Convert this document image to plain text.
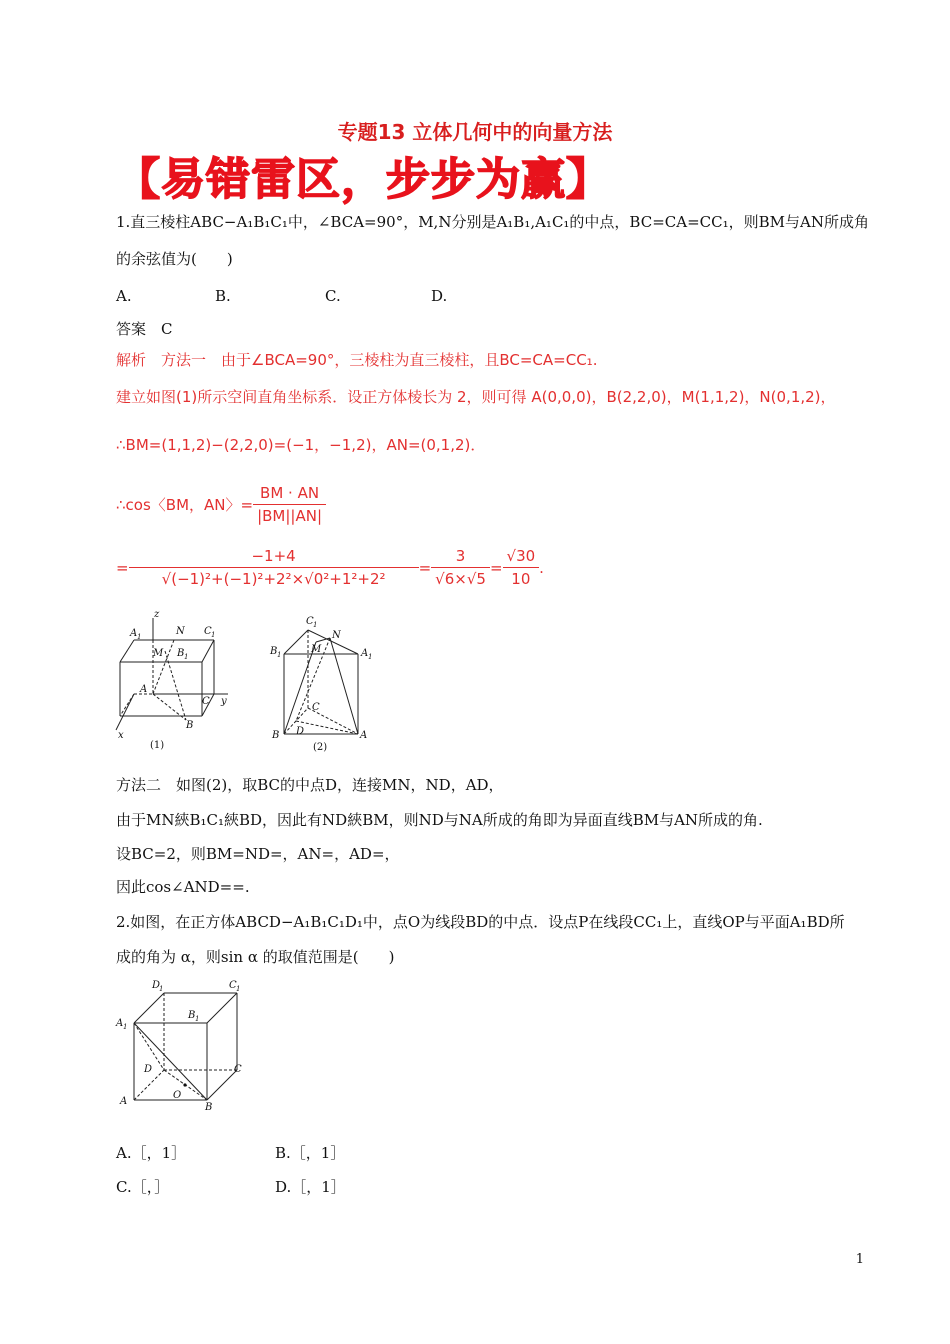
专题13 立体几何中的向量方法
【易错雷区，步步为赢】
1.直三棱柱ABC−A₁B₁C₁中，∠BCA=90°，M,N分别是A₁B₁,A₁C₁的中点，BC=CA=CC₁，则BM与AN所成角
的余弦值为(　　)
A.	B.	C.	D.
答案　C
解析　方法一　由于∠BCA=90°，三棱柱为直三棱柱，且BC=CA=CC₁.
建立如图(1)所示空间直角坐标系．设正方体棱长为 2，则可得 A(0,0,0)，B(2,2,0)，M(1,1,2)，N(0,1,2)，
∴BM=(1,1,2)−(2,2,0)=(−1，−1,2)，AN=(0,1,2)．
∴cos〈BM，AN〉= $\frac{BM \cdot AN}{|BM||AN|}$
= $\frac{-1+4}{\text{√(−1)²+(−1)²+2²×√0²+1²+2²}} = \frac{3}{√6\times√5} = \frac{√30}{10}$ .
z
A 1	N C 1
M B 1
A
C y
B
x
(1)
C 1
N
M
B 1	A 1
C
D
B	A
(2)
方法二　如图(2)，取BC的中点D，连接MN，ND，AD，
由于MN綊B₁C₁綊BD，因此有ND綊BM，则ND与NA所成的角即为异面直线BM与AN所成的角.
设BC=2，则BM=ND=，AN=，AD=，
因此cos∠AND==.
2.如图，在正方体ABCD−A₁B₁C₁D₁中，点O为线段BD的中点．设点P在线段CC₁上，直线OP与平面A₁BD所
成的角为 α，则sin α 的取值范围是(　　)
D
1	C 1
A 1
B 1
D	C
O
A
B
A.［，1］	B.［，1］
C.［，］	D.［，1］
1
